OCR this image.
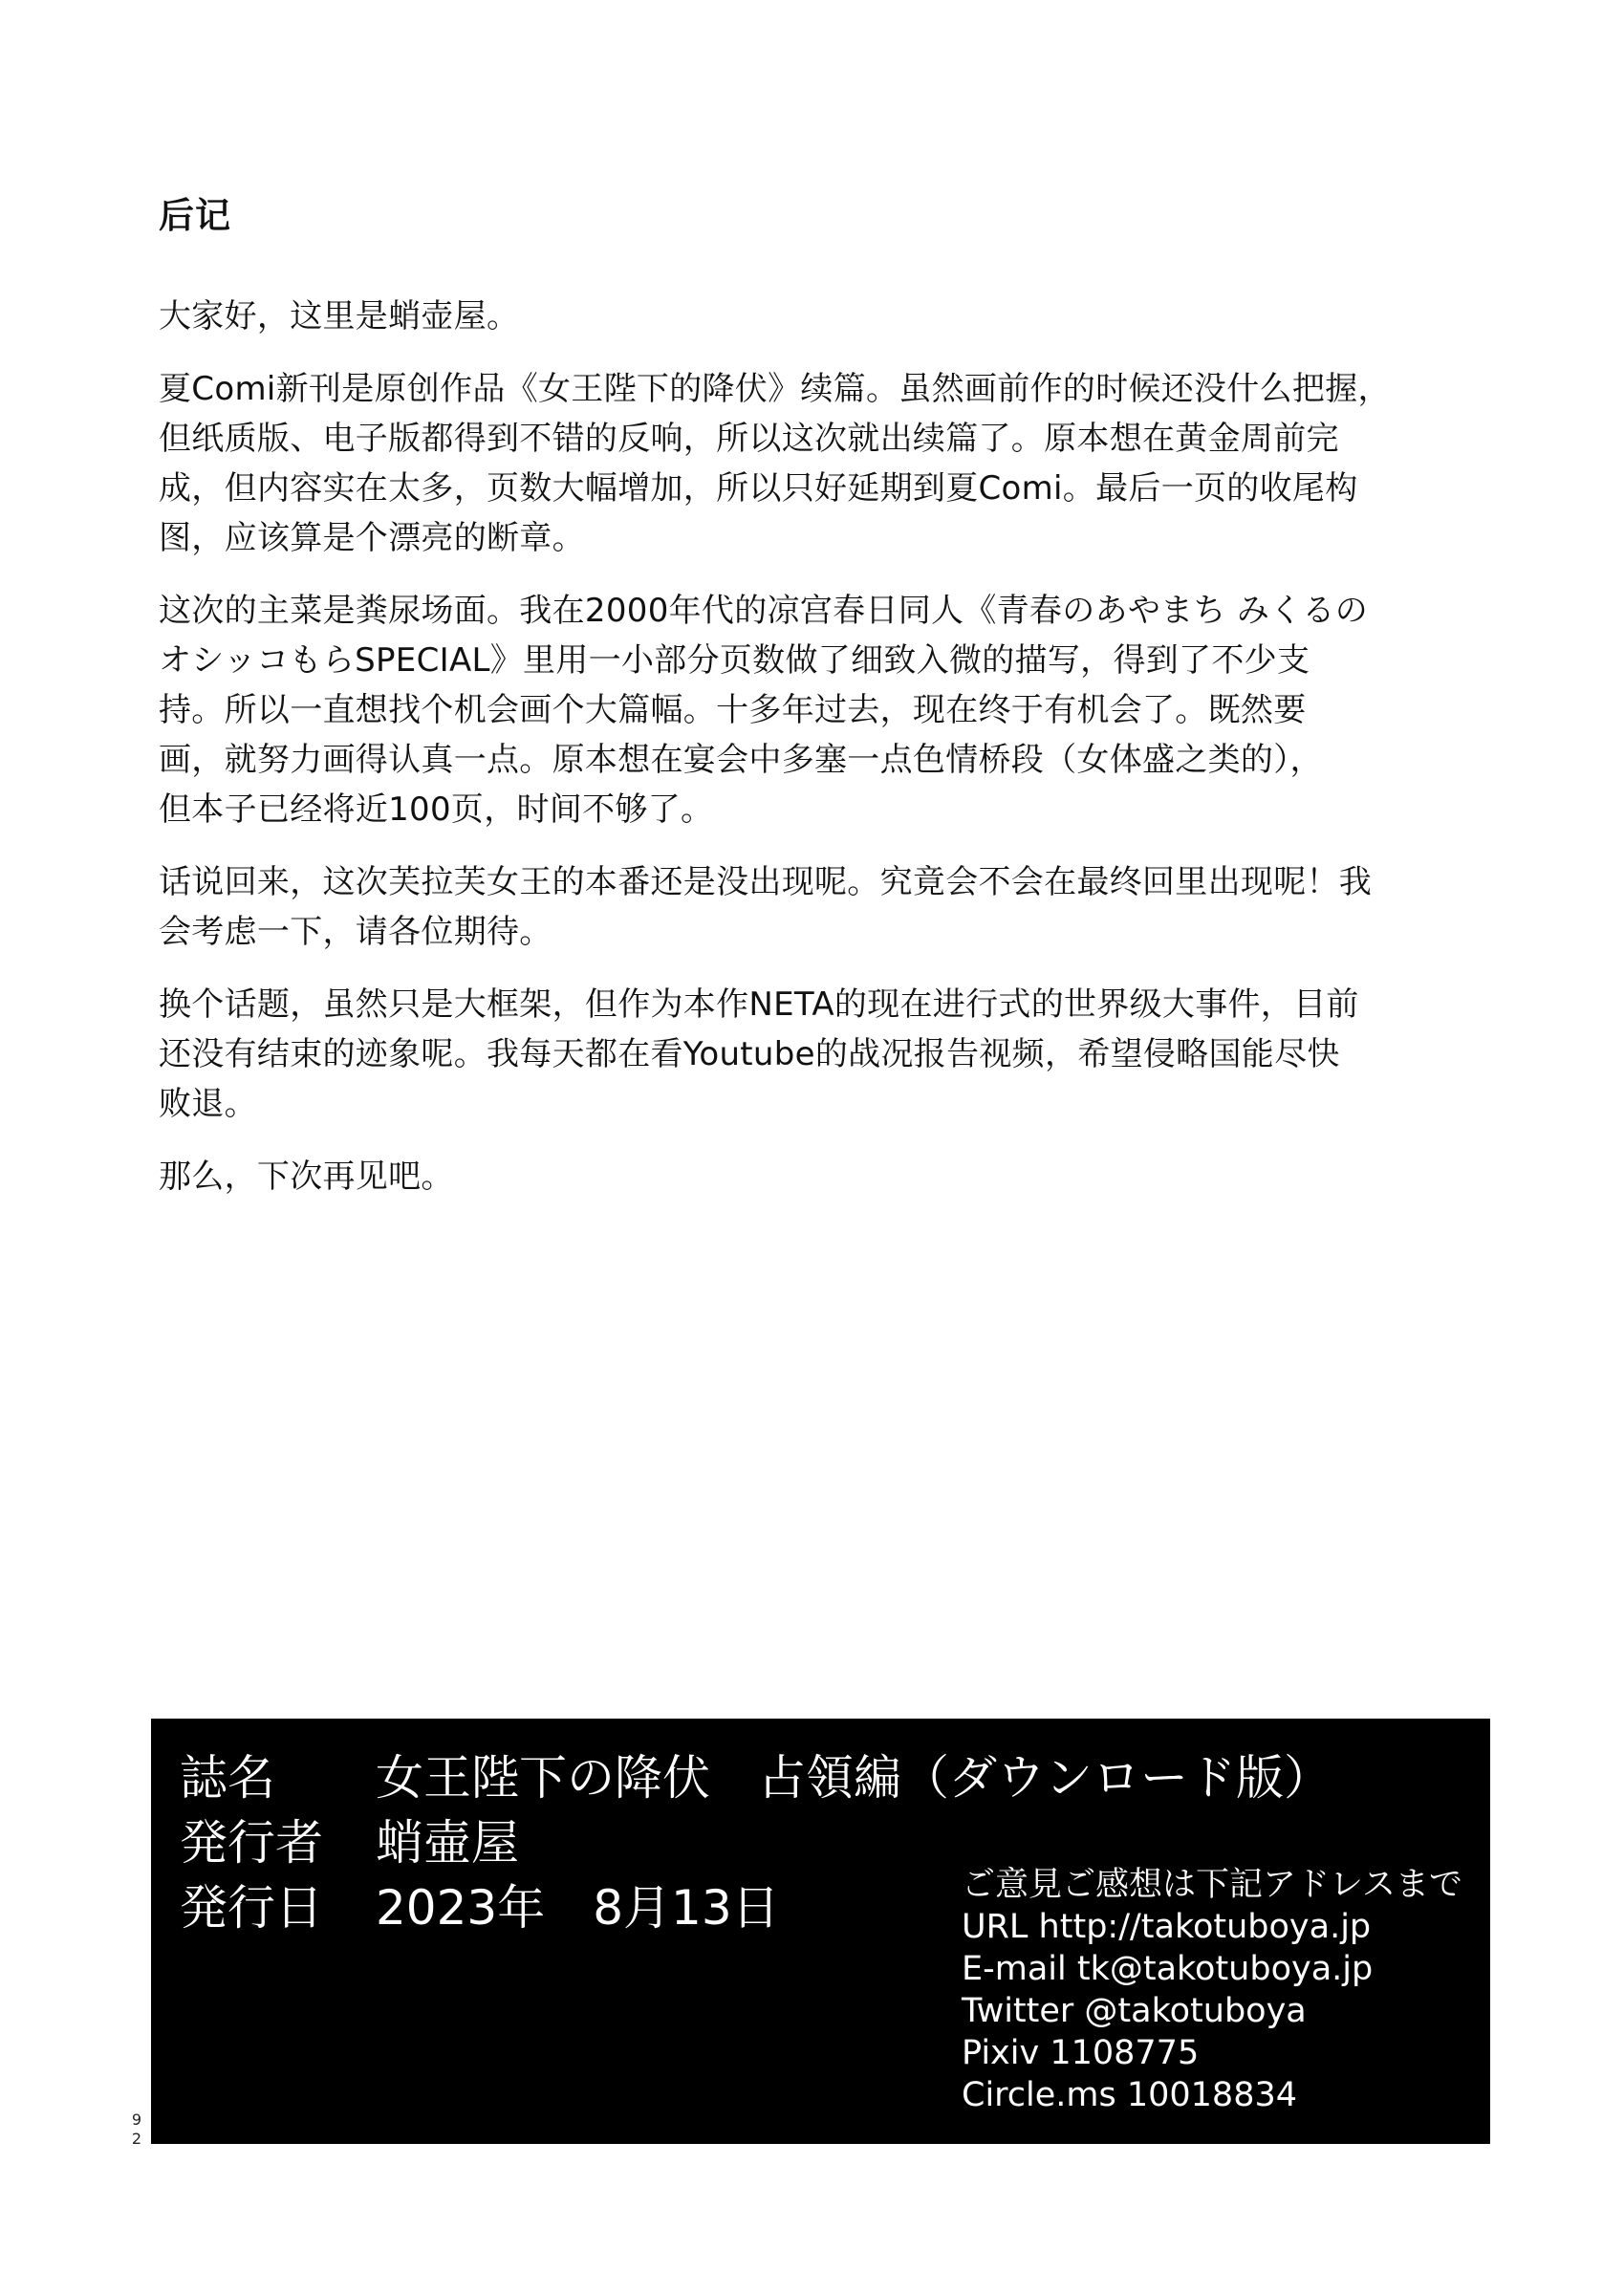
后记

大家好，这里是蛸壶屋。

夏Comi新刊是原创作品《女王陛下的降伏》续篇。虽然画前作的时候还没什么把握，
但纸质版、电子版都得到不错的反响，所以这次就出续篇了。原本想在黄金周前完
成，但内容实在太多，页数大幅增加，所以只好延期到夏Comi。最后一页的收尾构
图，应该算是个漂亮的断章。

这次的主菜是粪尿场面。我在2000年代的凉宫春日同人《青春のあやまち みくるの
オシッコもらSPECIAL》里用一小部分页数做了细致入微的描写，得到了不少支
持。所以一直想找个机会画个大篇幅。十多年过去，现在终于有机会了。既然要
画，就努力画得认真一点。原本想在宴会中多塞一点色情桥段（女体盛之类的），
但本子已经将近100页，时间不够了。

话说回来，这次芙拉芙女王的本番还是没出现呢。究竟会不会在最终回里出现呢！我
会考虑一下，请各位期待。

换个话题，虽然只是大框架，但作为本作NETA的现在进行式的世界级大事件，目前
还没有结束的迹象呢。我每天都在看Youtube的战况报告视频，希望侵略国能尽快
败退。

那么，下次再见吧。

誌名 女王陛下の降伏　占領編（ダウンロード版）
発行者 蛸壷屋
発行日 2023年　8月13日	ご意見ご感想は下記アドレスまで
URL http://takotuboya.jp
E-mail tk@takotuboya.jp
Twitter @takotuboya
Pixiv 1108775
Circle.ms 10018834
9
2
